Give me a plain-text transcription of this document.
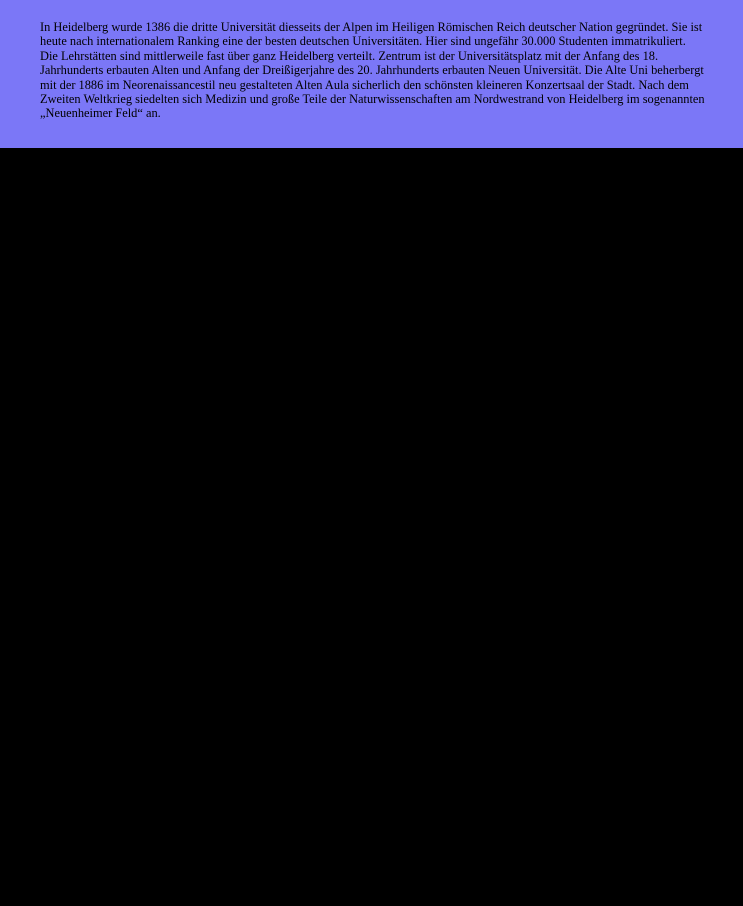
In Heidelberg wurde 1386 die dritte Universität diesseits der Alpen im Heiligen Römischen Reich deutscher Nation gegründet. Sie ist heute nach internationalem Ranking eine der besten deutschen Universitäten. Hier sind ungefähr 30.000 Studenten immatrikuliert. Die Lehrstätten sind mittlerweile fast über ganz Heidelberg verteilt. Zentrum ist der Universitätsplatz mit der Anfang des 18. Jahrhunderts erbauten Alten und Anfang der Dreißigerjahre des 20. Jahrhunderts erbauten Neuen Universität. Die Alte Uni beherbergt mit der 1886 im Neorenaissancestil neu gestalteten Alten Aula sicherlich den schönsten kleineren Konzertsaal der Stadt. Nach dem Zweiten Weltkrieg siedelten sich Medizin und große Teile der Naturwissenschaften am Nordwestrand von Heidelberg im sogenannten „Neuenheimer Feld“ an.
